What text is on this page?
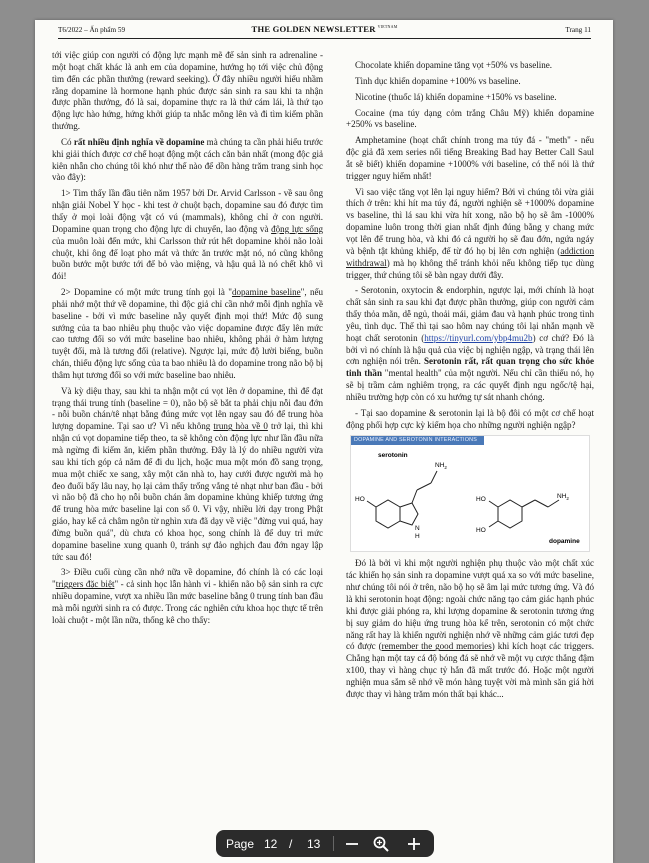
T6/2022 – Ấn phẩm 59	THE GOLDEN NEWSLETTER $^{VIETNAM}$	Trang 11

tới việc giúp con người có động lực mạnh mẽ để sản sinh ra adrenaline - một hoạt chất khác là anh em của dopamine, hướng họ tới việc chủ động tìm đến các phần thưởng (reward seeking). Ở đây nhiều người hiểu nhầm rằng dopamine là hormone hạnh phúc được sản sinh ra sau khi ta nhận được phần thưởng, đó là sai, dopamine thực ra là thứ cám lái, là thứ tạo động lực hào hứng, hứng khởi giúp ta nhắc mông lên và đi tìm kiếm phần thưởng.

Có rất nhiều định nghĩa về dopamine mà chúng ta cần phải hiểu trước khi giải thích được cơ chế hoạt động một cách căn bản nhất (mong độc giả kiên nhẫn cho chúng tôi khó như thế nào để dồn hàng trăm trang sinh học vào đây):

1> Tìm thấy lần đầu tiên năm 1957 bởi Dr. Arvid Carlsson - về sau ông nhận giải Nobel Y học - khi test ở chuột bạch, dopamine sau đó được tìm thấy ở mọi loài động vật có vú (mammals), không chỉ ở con người. Dopamine quan trọng cho động lực di chuyển, lao động và động lực sống của muôn loài đến mức, khi Carlsson thử rút hết dopamine khỏi não loài chuột, khi ông để loạt pho mát và thức ăn trước mặt nó, nó cũng không buồn bước một bước tới để bỏ vào miệng, và hậu quả là nó chết khô vì đói!

2> Dopamine có một mức trung tính gọi là "dopamine baseline", nếu phải nhớ một thứ về dopamine, thì độc giả chỉ cần nhớ mỗi định nghĩa về baseline - bởi vì mức baseline nằy quyết định mọi thứ! Mức độ sung sướng của ta bao nhiêu phụ thuộc vào việc dopamine được đẩy lên mức cao tương đối so với mức baseline bao nhiêu, không phải ở hàm lượng tuyệt đối, mà là tương đối (relative). Ngược lại, mức độ lười biếng, buồn chán, thiếu động lực sống của ta bao nhiêu là do dopamine trong não bộ bị thâm hụt tương đối so với mức baseline bao nhiêu.

Và kỳ diệu thay, sau khi ta nhận một cú vọt lên ở dopamine, thì để đạt trạng thái trung tính (baseline = 0), não bộ sẽ bắt ta phải chịu nỗi đau đớn - nỗi buồn chán/tê nhạt bằng đúng mức vọt lên ngay sau đó để trung hòa lượng dopamine. Tại sao ư? Vì nếu không trung hòa về 0 trở lại, thì khi nhận cú vọt dopamine tiếp theo, ta sẽ không còn động lực như lần đầu nữa mà ngừng đi kiếm ăn, kiếm phần thưởng. Đây là lý do nhiều người vừa sau khi tích góp cả năm để đi du lịch, hoặc mua một món đồ sang trọng, mua một chiếc xe sang, xây một căn nhà to, hay cưới được người mà họ đeo đuổi bấy lâu nay, họ lại cảm thấy trống vắng tẻ nhạt như ban đầu - bởi vì não bộ đã cho họ nỗi buồn chán âm dopamine khủng khiếp tương ứng để trung hòa mức baseline lại con số 0. Vì vậy, nhiều lời dạy trong Phật giáo, hay kể cả châm ngôn từ nghìn xưa đã dạy về việc "đừng vui quá, hay đừng buồn quá", dù chưa có khoa học, song chính là để duy trì mức dopamine baseline xung quanh 0, tránh sự đảo nghịch đau đớn ngay lập tức sau đó!

3> Điều cuối cùng cần nhớ nữa về dopamine, đó chính là có các loại "triggers đặc biệt" - cả sinh học lẫn hành vi - khiến não bộ sản sinh ra cực nhiều dopamine, vượt xa nhiều lần mức baseline bằng 0 trung tính ban đầu mà mỗi người sinh ra có được. Trong các nghiên cứu khoa học thực tế trên loài chuột - một lần nữa, thống kê cho thấy:

Chocolate khiến dopamine tăng vọt +50% vs baseline.

Tình dục khiến dopamine +100% vs baseline.

Nicotine (thuốc lá) khiến dopamine +150% vs baseline.

Cocaine (ma túy dạng cỏm trắng Châu Mỹ) khiến dopamine +250% vs baseline.

Amphetamine (hoạt chất chính trong ma túy đá - "meth" - nếu độc giả đã xem series nổi tiếng Breaking Bad hay Better Call Saul ắt sẽ biết) khiến dopamine +1000% với baseline, có thể nói là thứ trigger nguy hiểm nhất!

Vì sao việc tăng vọt lên lại nguy hiểm? Bởi vì chúng tôi vừa giải thích ở trên: khi hít ma túy đá, người nghiện sẽ +1000% dopamine vs baseline, thì lá sau khi vừa hít xong, não bộ họ sẽ âm -1000% dopamine luôn trong thời gian nhất định đúng bằng y chang mức vọt lên để trung hòa, và khi đó cả người họ sẽ đau đớn, ngứa ngáy và bệnh tật khủng khiếp, để từ đó họ bị lên cơn nghiện (addiction withdrawal) mà họ không thể tránh khỏi nếu không tiếp tục dùng trigger, thứ chúng tôi sẽ bàn ngay dưới đây.

- Serotonin, oxytocin & endorphin, ngược lại, mới chính là hoạt chất sản sinh ra sau khi đạt được phần thưởng, giúp con người cảm thấy thỏa mãn, dễ ngủ, thoải mái, giảm đau và hạnh phúc trong tình yêu, tình dục. Thể thì tại sao hôm nay chúng tôi lại nhắn mạnh về hoạt chất serotonin (https://tinyurl.com/ybp4mu2b) cơ chứ? Đó là bởi vì nó chính là hậu quả của việc bị nghiện ngập, và trạng thái lên cơn nghiện nói trên. Serotonin rất, rất quan trọng cho sức khỏe tinh thần "mental health" của một người. Nếu chỉ cần thiếu nó, họ sẽ bị trầm cảm nghiêm trọng, ra các quyết định ngu ngốc/tệ hại, nhiều trường hợp còn có xu hướng tự sát nhanh chóng.

- Tại sao dopamine & serotonin lại là bộ đôi có một cơ chế hoạt động phối hợp cực kỳ kiểm họa cho những người nghiện ngập?

DOPAMINE AND SEROTONIN INTERACTIONS
serotonin
$NH_2$
HO
N
H
$NH_2$
HO
HO
dopamine

Đó là bởi vì khi một người nghiện phụ thuộc vào một chất xúc tác khiến họ sản sinh ra dopamine vượt quá xa so với mức baseline, như chúng tôi nói ở trên, não bộ họ sẽ âm lại mức tương ứng. Và đó là khi serotonin hoạt động: ngoài chức năng tạo cảm giác hạnh phúc khi được giải phóng ra, khi lượng dopamine & serotonin tương ứng bị suy giảm do hiệu ứng trung hòa kể trên, serotonin có một chức năng rất hay là khiến người nghiện nhớ về những cảm giác tươi đẹp có được (remember the good memories) khi kích hoạt các triggers. Chẳng hạn một tay cá độ bóng đá sẽ nhớ về một vụ cược thắng đậm x100, thay vì hàng chục tỷ hắn đã mất trước đó. Hoặc một người nghiện mua sắm sẽ nhớ về món hàng tuyệt vời mà mình săn giá hời được thay vì hàng trăm món thất bại khác...

Page 12 / 13
